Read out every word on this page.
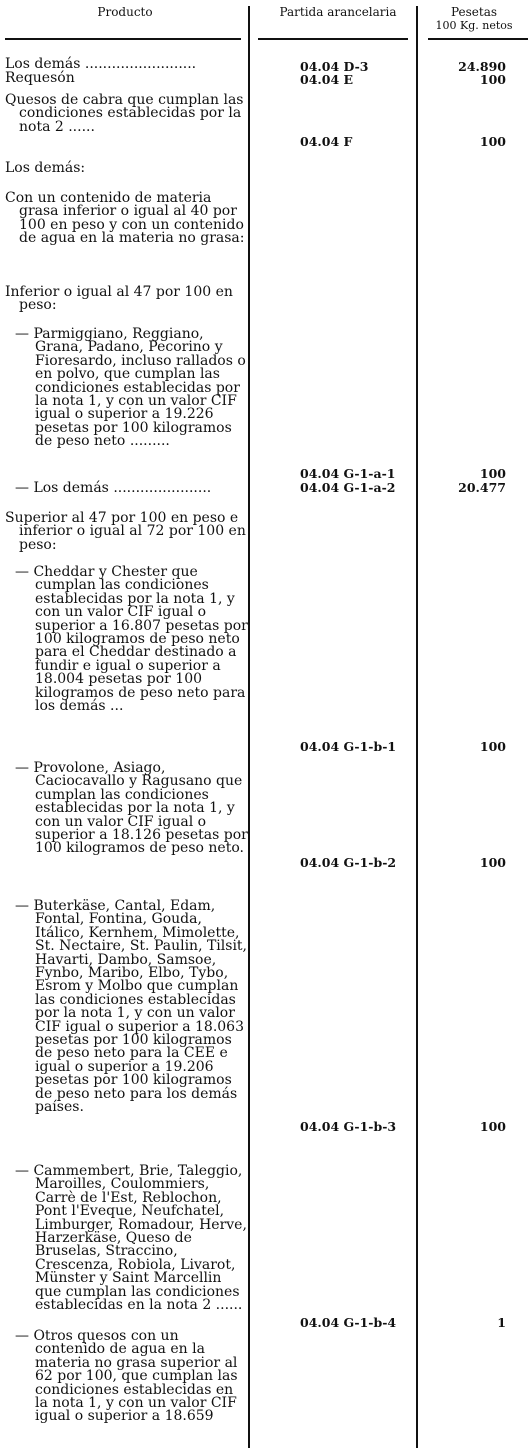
Producto	Partida arancelaria	Pesetas
100 Kg. netos

Los demás .........................

Requesón

Quesos de cabra que cumplan las condiciones establecidas por la nota 2 ......

Los demás:

Con un contenido de materia grasa inferior o igual al 40 por 100 en peso y con un contenido de agua en la materia no grasa:

Inferior o igual al 47 por 100 en peso:

— Parmiggiano, Reggiano, Grana, Padano, Pecorino y Fioresardo, incluso rallados o en polvo, que cumplan las condiciones establecidas por la nota 1, y con un valor CIF igual o superior a 19.226 pesetas por 100 kilogramos de peso neto .........

— Los demás ......................

Superior al 47 por 100 en peso e inferior o igual al 72 por 100 en peso:

— Cheddar y Chester que cumplan las condiciones establecidas por la nota 1, y con un valor CIF igual o superior a 16.807 pesetas por 100 kilogramos de peso neto para el Cheddar destinado a fundir e igual o superior a 18.004 pesetas por 100 kilogramos de peso neto para los demás ...

— Provolone, Asiago, Caciocavallo y Ragusano que cumplan las condiciones establecidas por la nota 1, y con un valor CIF igual o superior a 18.126 pesetas por 100 kilogramos de peso neto.

— Buterkäse, Cantal, Edam, Fontal, Fontina, Gouda, Itálico, Kernhem, Mimolette, St. Nectaire, St. Paulin, Tilsit, Havarti, Dambo, Samsoe, Fynbo, Maribo, Elbo, Tybo, Esrom y Molbo que cumplan las condiciones establecidas por la nota 1, y con un valor CIF igual o superior a 18.063 pesetas por 100 kilogramos de peso neto para la CEE e igual o superior a 19.206 pesetas por 100 kilogramos de peso neto para los demás países.

— Cammembert, Brie, Taleggio, Maroilles, Coulommiers, Carrè de l'Est, Reblochon, Pont l'Eveque, Neufchatel, Limburger, Romadour, Herve, Harzerkäse, Queso de Bruselas, Straccino, Crescenza, Robiola, Livarot, Münster y Saint Marcellin que cumplan las condiciones establecidas en la nota 2 ......

— Otros quesos con un contenido de agua en la materia no grasa superior al 62 por 100, que cumplan las condiciones establecidas en la nota 1, y con un valor CIF igual o superior a 18.659

04.04 D-3
04.04 E
04.04 F
04.04 G-1-a-1
04.04 G-1-a-2
04.04 G-1-b-1
04.04 G-1-b-2
04.04 G-1-b-3
04.04 G-1-b-4
24.890
100
100
100
20.477
100
100
100
1
